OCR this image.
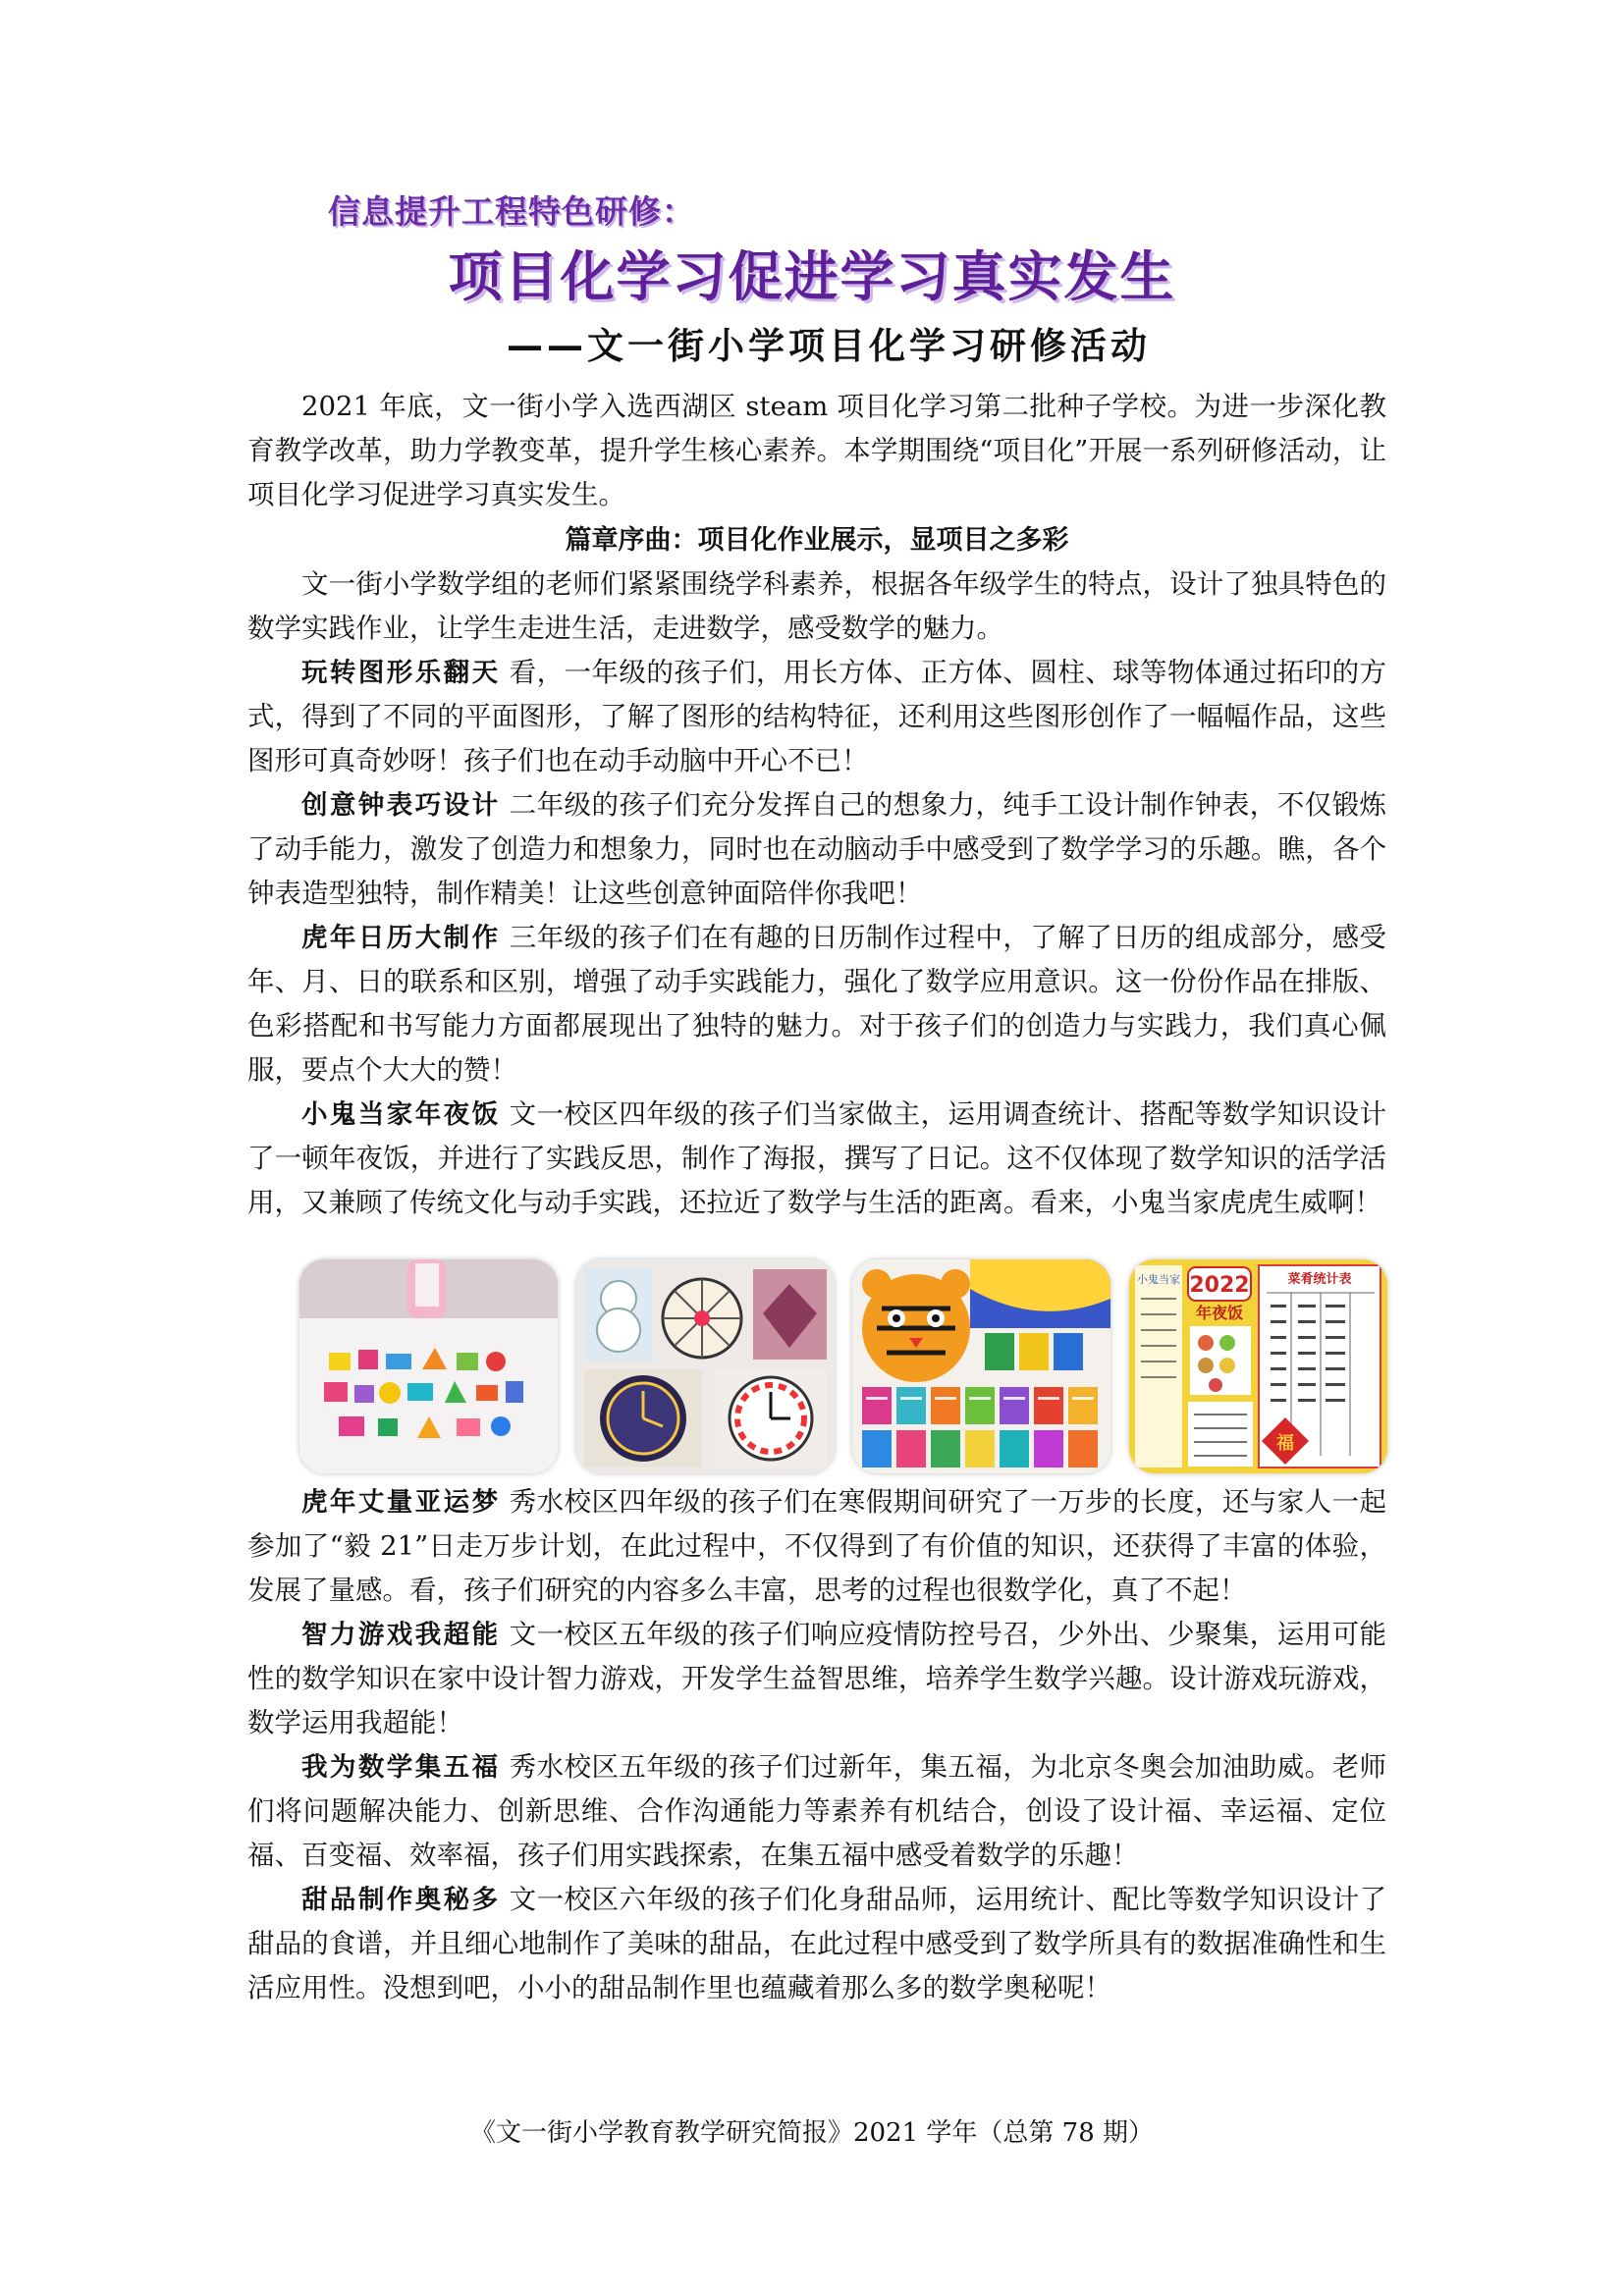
信息提升工程特色研修：
项目化学习促进学习真实发生
——文一街小学项目化学习研修活动

2021 年底，文一街小学入选西湖区 steam 项目化学习第二批种子学校。为进一步深化教育教学改革，助力学教变革，提升学生核心素养。本学期围绕“项目化”开展一系列研修活动，让项目化学习促进学习真实发生。

篇章序曲：项目化作业展示，显项目之多彩

文一街小学数学组的老师们紧紧围绕学科素养，根据各年级学生的特点，设计了独具特色的数学实践作业，让学生走进生活，走进数学，感受数学的魅力。

玩转图形乐翻天 看，一年级的孩子们，用长方体、正方体、圆柱、球等物体通过拓印的方式，得到了不同的平面图形，了解了图形的结构特征，还利用这些图形创作了一幅幅作品，这些图形可真奇妙呀！孩子们也在动手动脑中开心不已！

创意钟表巧设计 二年级的孩子们充分发挥自己的想象力，纯手工设计制作钟表，不仅锻炼了动手能力，激发了创造力和想象力，同时也在动脑动手中感受到了数学学习的乐趣。瞧，各个钟表造型独特，制作精美！让这些创意钟面陪伴你我吧！

虎年日历大制作 三年级的孩子们在有趣的日历制作过程中，了解了日历的组成部分，感受年、月、日的联系和区别，增强了动手实践能力，强化了数学应用意识。这一份份作品在排版、色彩搭配和书写能力方面都展现出了独特的魅力。对于孩子们的创造力与实践力，我们真心佩服，要点个大大的赞！

小鬼当家年夜饭 文一校区四年级的孩子们当家做主，运用调查统计、搭配等数学知识设计了一顿年夜饭，并进行了实践反思，制作了海报，撰写了日记。这不仅体现了数学知识的活学活用，又兼顾了传统文化与动手实践，还拉近了数学与生活的距离。看来，小鬼当家虎虎生威啊！

小鬼当家 2022
年夜饭
菜肴统计表
福

虎年丈量亚运梦 秀水校区四年级的孩子们在寒假期间研究了一万步的长度，还与家人一起参加了“毅 21”日走万步计划，在此过程中，不仅得到了有价值的知识，还获得了丰富的体验，发展了量感。看，孩子们研究的内容多么丰富，思考的过程也很数学化，真了不起！

智力游戏我超能 文一校区五年级的孩子们响应疫情防控号召，少外出、少聚集，运用可能性的数学知识在家中设计智力游戏，开发学生益智思维，培养学生数学兴趣。设计游戏玩游戏，数学运用我超能！

我为数学集五福 秀水校区五年级的孩子们过新年，集五福，为北京冬奥会加油助威。老师们将问题解决能力、创新思维、合作沟通能力等素养有机结合，创设了设计福、幸运福、定位福、百变福、效率福，孩子们用实践探索，在集五福中感受着数学的乐趣！

甜品制作奥秘多 文一校区六年级的孩子们化身甜品师，运用统计、配比等数学知识设计了甜品的食谱，并且细心地制作了美味的甜品，在此过程中感受到了数学所具有的数据准确性和生活应用性。没想到吧，小小的甜品制作里也蕴藏着那么多的数学奥秘呢！

《文一街小学教育教学研究简报》2021 学年（总第 78 期）
